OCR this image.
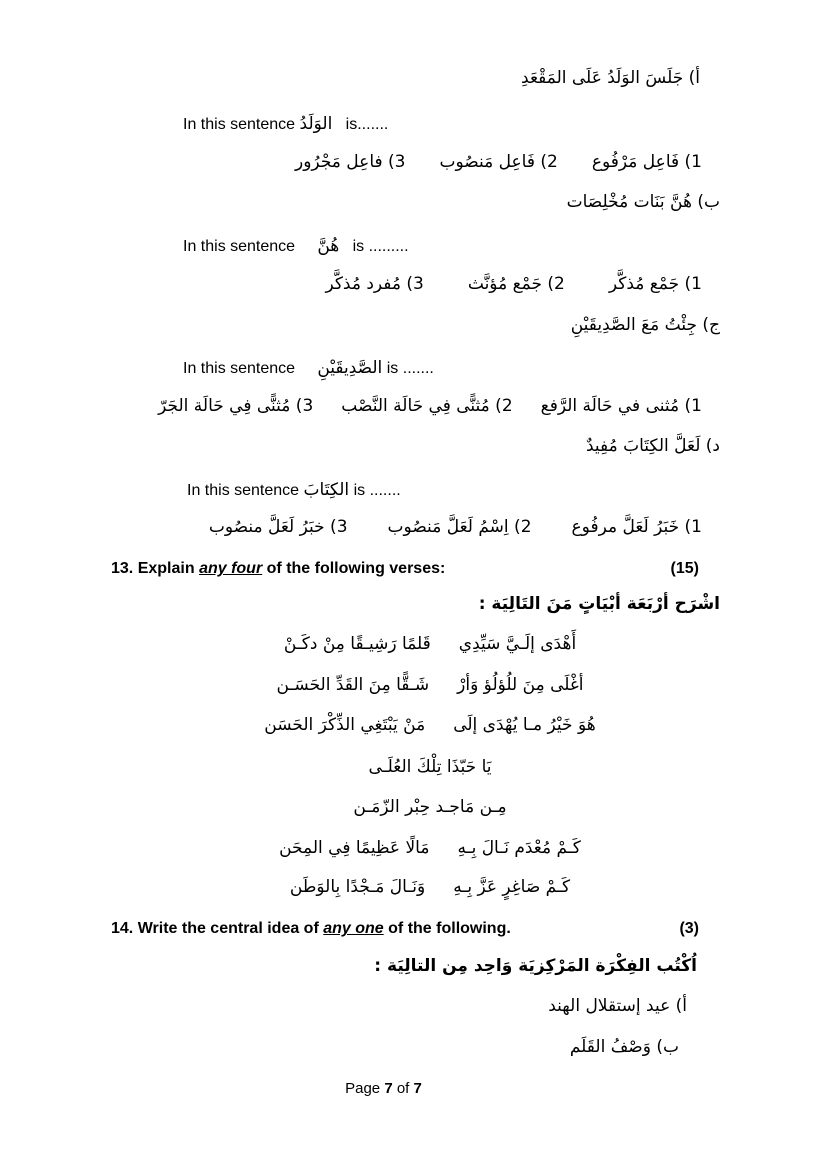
أ) جَلَسَ الوَلَدُ عَلَى المَقْعَدِ
In this sentence الوَلَدُ is.......
1) فَاعِل مَرْفُوع
2) فَاعِل مَنصُوب
3) فاعِل مَجْرُور
ب) هُنَّ بَنَات مُخْلِصَات
In this sentence هُنَّ is .........
1) جَمْع مُذكَّر
2) جَمْع مُؤنَّث
3) مُفرد مُذكَّر
ج) جِئْتُ مَعَ الصَّدِيقَيْنِ
In this sentence الصَّدِيقَيْنِ is .......
1) مُثنى في حَالَة الرَّفع
2) مُثنًّى فِي حَالَة النَّصْب
3) مُثنًّى فِي حَالَة الجَرّ
د) لَعَلَّ الكِتَابَ مُفِيدٌ
In this sentence الكِتَابَ is .......
1) خَبَرُ لَعَلَّ مرفُوع
2) اِسْمُ لَعَلَّ مَنصُوب
3) خبَرُ لَعَلَّ منصُوب
13. Explain any four of the following verses:	(15)
اشْرَح أرْبَعَة أبْيَاتٍ مَنَ التَالِيَة :
أَهْدَى إلَـيَّ سَيِّدِي
قَلمًا رَشِيـقًا مِنْ دكَـنْ
أغْلَى مِنَ للُؤلُؤ وَأرْ
شَـقًّا مِنَ القَدِّ الحَسَـن
هُوَ خَيْرُ مـا يُهْدَى إلَى
مَنْ يَبْتَغِي الذِّكْرَ الحَسَن
يَا حَبّذَا تِلْكَ العُلَـى
مِـن مَاجـد حِبْر الزّمَـن
كَـمْ مُعْدَم نَـالَ بِـهِ
مَالًا عَظِيمًا فِي المِحَن
كَـمْ صَاغِرٍ عَزَّ بِـهِ
وَنَـالَ مَـجْدًا بِالوَطَن
14. Write the central idea of any one of the following.	(3)
اُكْتُب الفِكْرَة المَرْكِزيَة وَاحِد مِن التالِيَة :
أ) عيد إستقلال الهند
ب) وَصْفُ القَلَم
Page 7 of 7
